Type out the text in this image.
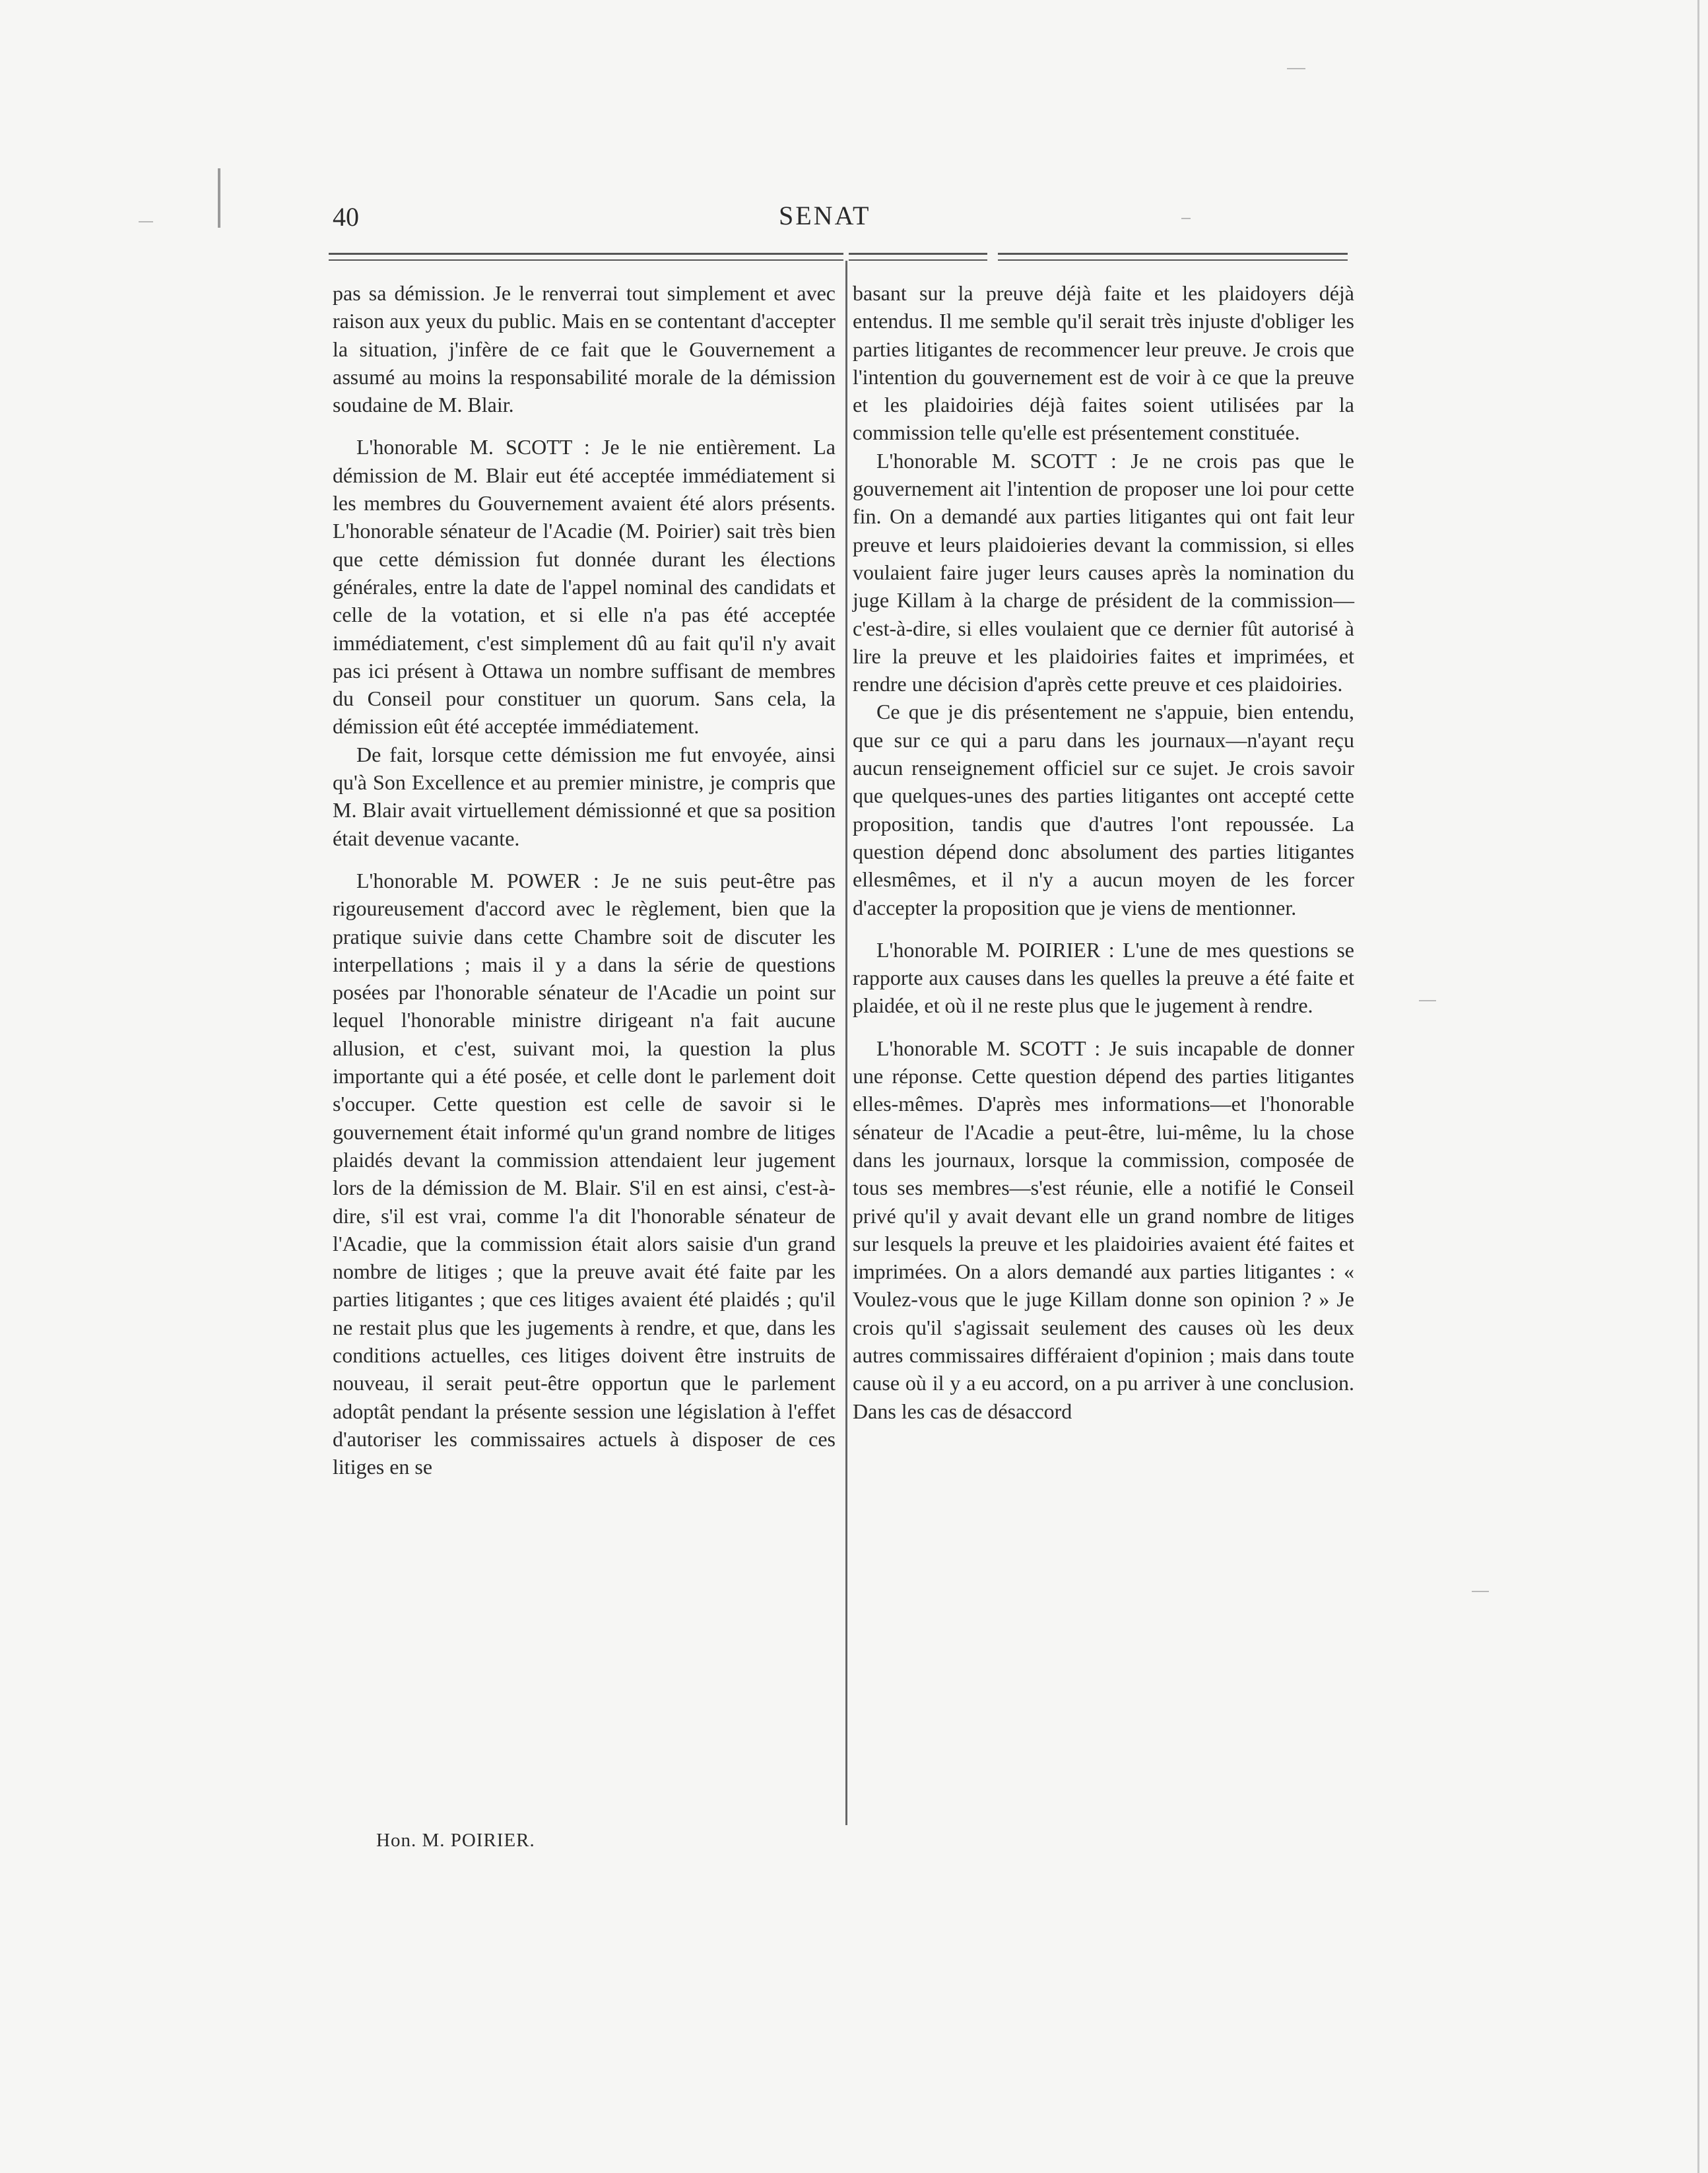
40	SENAT

pas sa démission. Je le renverrai tout simplement et avec raison aux yeux du public. Mais en se contentant d'accepter la situation, j'infère de ce fait que le Gouvernement a assumé au moins la responsabilité morale de la démission soudaine de M. Blair.

L'honorable M. SCOTT : Je le nie entièrement. La démission de M. Blair eut été acceptée immédiatement si les membres du Gouvernement avaient été alors présents. L'honorable sénateur de l'Acadie (M. Poirier) sait très bien que cette démission fut donnée durant les élections générales, entre la date de l'appel nominal des candidats et celle de la votation, et si elle n'a pas été acceptée immédiatement, c'est simplement dû au fait qu'il n'y avait pas ici présent à Ottawa un nombre suffisant de membres du Conseil pour constituer un quorum. Sans cela, la démission eût été acceptée immédiatement.

De fait, lorsque cette démission me fut envoyée, ainsi qu'à Son Excellence et au premier ministre, je compris que M. Blair avait virtuellement démissionné et que sa position était devenue vacante.

L'honorable M. POWER : Je ne suis peut-être pas rigoureusement d'accord avec le règlement, bien que la pratique suivie dans cette Chambre soit de discuter les interpellations ; mais il y a dans la série de questions posées par l'honorable sénateur de l'Acadie un point sur lequel l'honorable ministre dirigeant n'a fait aucune allusion, et c'est, suivant moi, la question la plus importante qui a été posée, et celle dont le parlement doit s'occuper. Cette question est celle de savoir si le gouvernement était informé qu'un grand nombre de litiges plaidés devant la commission attendaient leur jugement lors de la démission de M. Blair. S'il en est ainsi, c'est-à-dire, s'il est vrai, comme l'a dit l'honorable sénateur de l'Acadie, que la commission était alors saisie d'un grand nombre de litiges ; que la preuve avait été faite par les parties litigantes ; que ces litiges avaient été plaidés ; qu'il ne restait plus que les jugements à rendre, et que, dans les conditions actuelles, ces litiges doivent être instruits de nouveau, il serait peut-être opportun que le parlement adoptât pendant la présente session une législation à l'effet d'autoriser les commissaires actuels à disposer de ces litiges en se

basant sur la preuve déjà faite et les plaidoyers déjà entendus. Il me semble qu'il serait très injuste d'obliger les parties litigantes de recommencer leur preuve. Je crois que l'intention du gouvernement est de voir à ce que la preuve et les plaidoiries déjà faites soient utilisées par la commission telle qu'elle est présentement constituée.

L'honorable M. SCOTT : Je ne crois pas que le gouvernement ait l'intention de proposer une loi pour cette fin. On a demandé aux parties litigantes qui ont fait leur preuve et leurs plaidoieries devant la commission, si elles voulaient faire juger leurs causes après la nomination du juge Killam à la charge de président de la commission—c'est-à-dire, si elles voulaient que ce dernier fût autorisé à lire la preuve et les plaidoiries faites et imprimées, et rendre une décision d'après cette preuve et ces plaidoiries.

Ce que je dis présentement ne s'appuie, bien entendu, que sur ce qui a paru dans les journaux—n'ayant reçu aucun renseignement officiel sur ce sujet. Je crois savoir que quelques-unes des parties litigantes ont accepté cette proposition, tandis que d'autres l'ont repoussée. La question dépend donc absolument des parties litigantes ellesmêmes, et il n'y a aucun moyen de les forcer d'accepter la proposition que je viens de mentionner.

L'honorable M. POIRIER : L'une de mes questions se rapporte aux causes dans les quelles la preuve a été faite et plaidée, et où il ne reste plus que le jugement à rendre.

L'honorable M. SCOTT : Je suis incapable de donner une réponse. Cette question dépend des parties litigantes elles-mêmes. D'après mes informations—et l'honorable sénateur de l'Acadie a peut-être, lui-même, lu la chose dans les journaux, lorsque la commission, composée de tous ses membres—s'est réunie, elle a notifié le Conseil privé qu'il y avait devant elle un grand nombre de litiges sur lesquels la preuve et les plaidoiries avaient été faites et imprimées. On a alors demandé aux parties litigantes : « Voulez-vous que le juge Killam donne son opinion ? » Je crois qu'il s'agissait seulement des causes où les deux autres commissaires différaient d'opinion ; mais dans toute cause où il y a eu accord, on a pu arriver à une conclusion. Dans les cas de désaccord

Hon. M. POIRIER.
